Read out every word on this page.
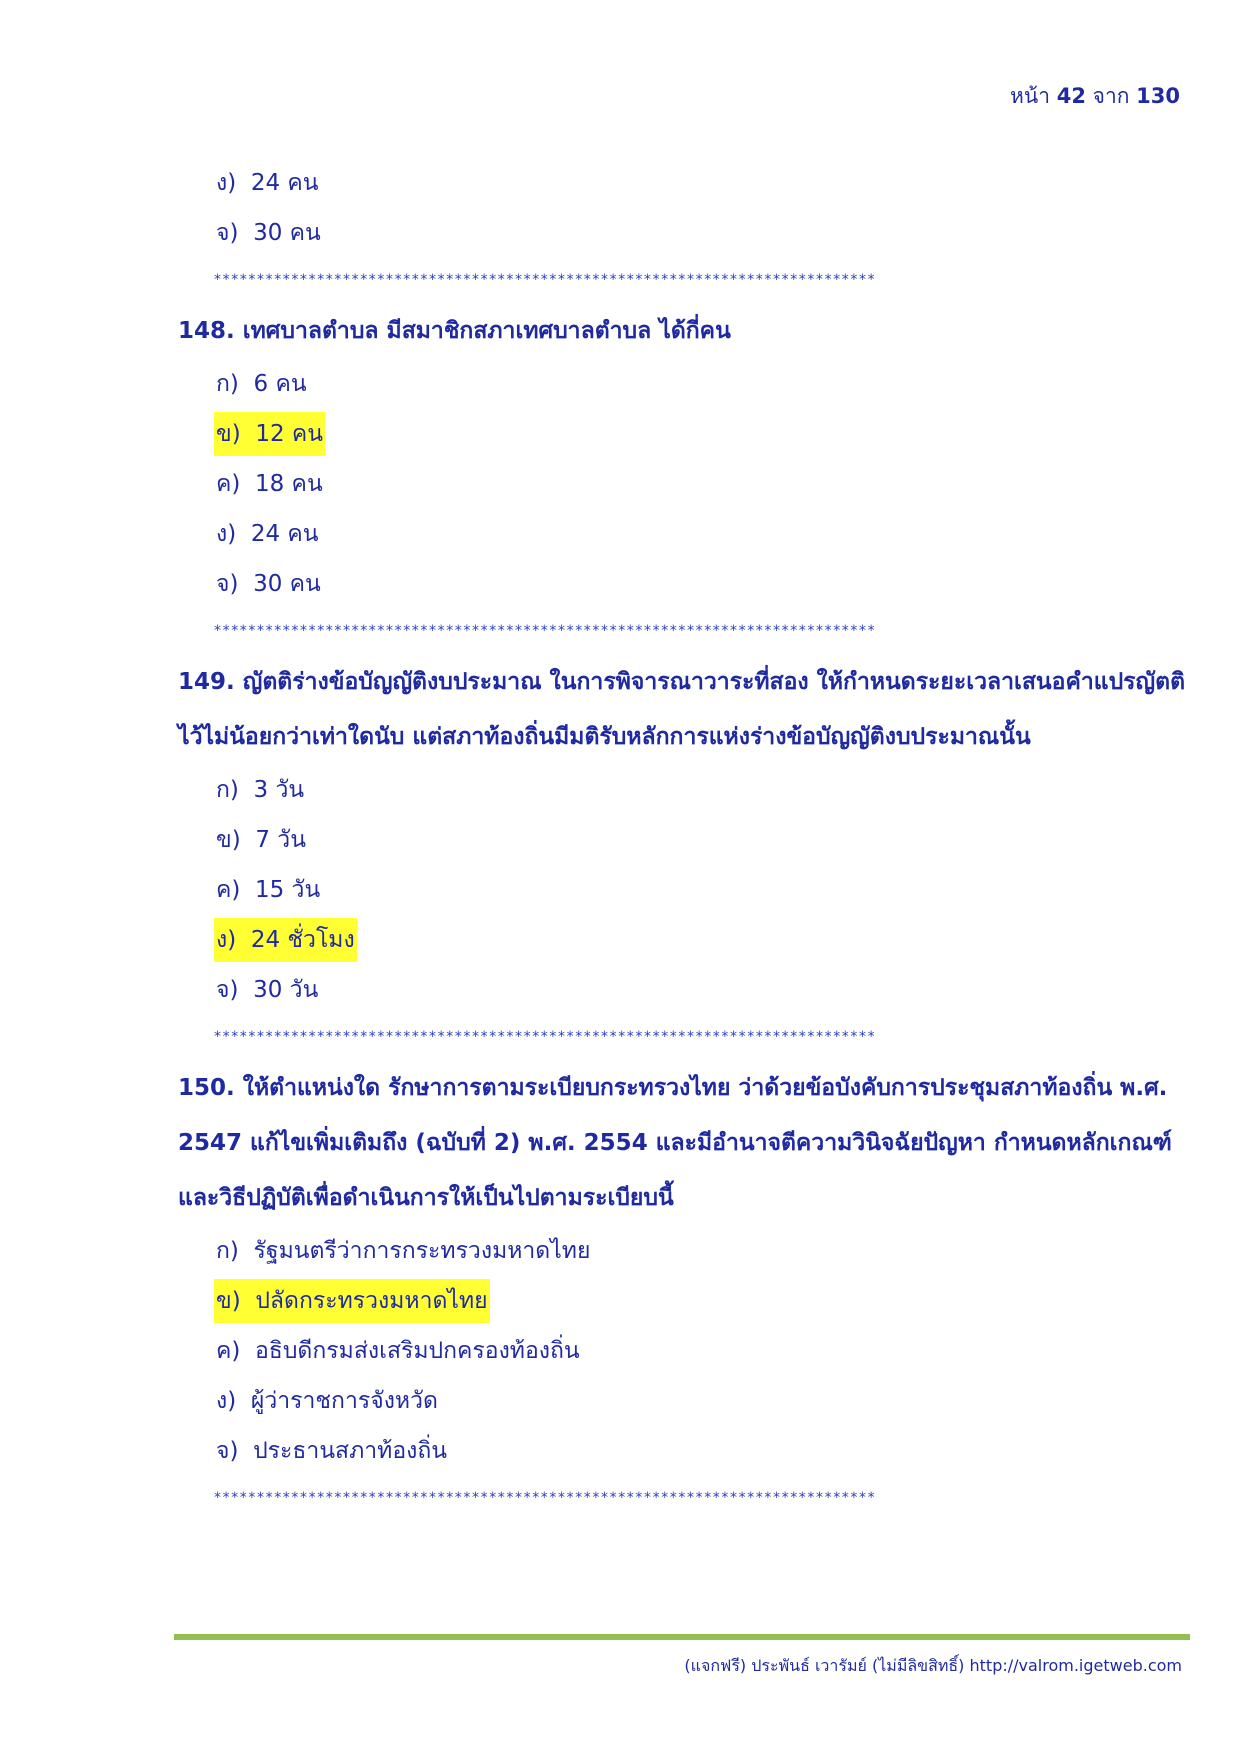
หน้า 42 จาก 130
ง) 24 คน
จ) 30 คน
*****************************************************************************
148. เทศบาลตำบล มีสมาชิกสภาเทศบาลตำบล ได้กี่คน
ก) 6 คน
ข) 12 คน
ค) 18 คน
ง) 24 คน
จ) 30 คน
*****************************************************************************
149. ญัตติร่างข้อบัญญัติงบประมาณ ในการพิจารณาวาระที่สอง ให้กำหนดระยะเวลาเสนอคำแปรญัตติไว้ไม่น้อยกว่าเท่าใดนับ แต่สภาท้องถิ่นมีมติรับหลักการแห่งร่างข้อบัญญัติงบประมาณนั้น
ก) 3 วัน
ข) 7 วัน
ค) 15 วัน
ง) 24 ชั่วโมง
จ) 30 วัน
*****************************************************************************
150. ให้ตำแหน่งใด รักษาการตามระเบียบกระทรวงไทย ว่าด้วยข้อบังคับการประชุมสภาท้องถิ่น พ.ศ. 2547 แก้ไขเพิ่มเติมถึง (ฉบับที่ 2) พ.ศ. 2554 และมีอำนาจตีความวินิจฉัยปัญหา กำหนดหลักเกณฑ์และวิธีปฏิบัติเพื่อดำเนินการให้เป็นไปตามระเบียบนี้
ก) รัฐมนตรีว่าการกระทรวงมหาดไทย
ข) ปลัดกระทรวงมหาดไทย
ค) อธิบดีกรมส่งเสริมปกครองท้องถิ่น
ง) ผู้ว่าราชการจังหวัด
จ) ประธานสภาท้องถิ่น
*****************************************************************************
(แจกฟรี) ประพันธ์ เวารัมย์ (ไม่มีลิขสิทธิ์) http://valrom.igetweb.com
